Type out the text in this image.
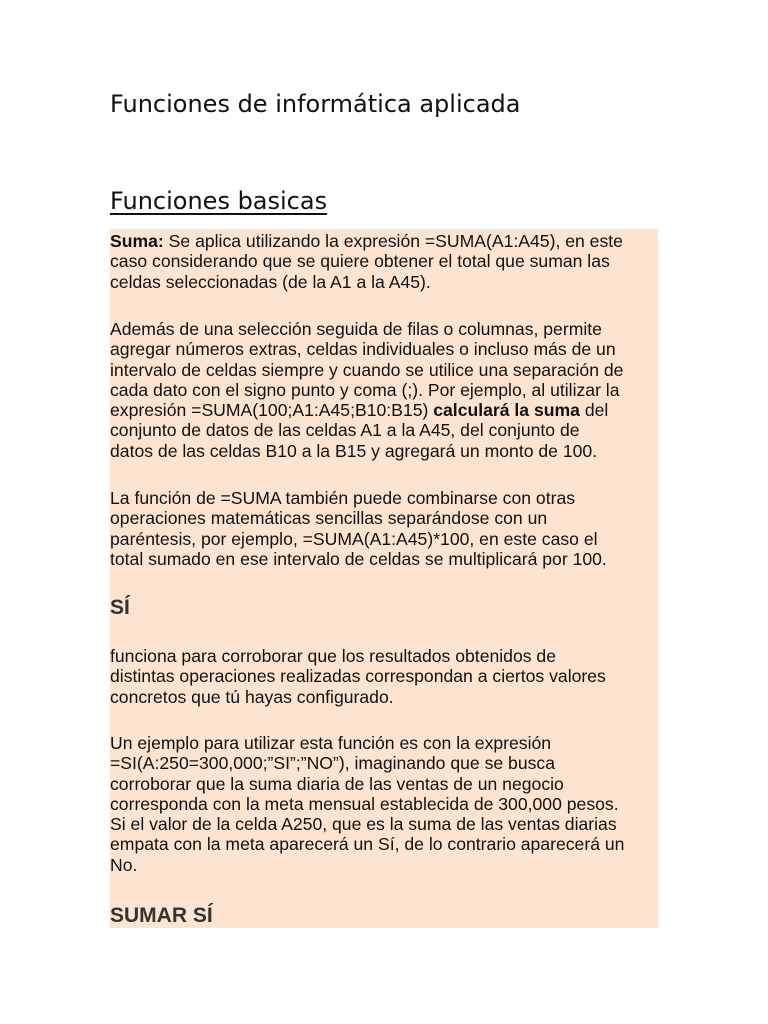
Funciones de informática aplicada
Funciones basicas

Suma: Se aplica utilizando la expresión =SUMA(A1:A45), en este
caso considerando que se quiere obtener el total que suman las
celdas seleccionadas (de la A1 a la A45).

Además de una selección seguida de filas o columnas, permite
agregar números extras, celdas individuales o incluso más de un
intervalo de celdas siempre y cuando se utilice una separación de
cada dato con el signo punto y coma (;). Por ejemplo, al utilizar la
expresión =SUMA(100;A1:A45;B10:B15) calculará la suma del
conjunto de datos de las celdas A1 a la A45, del conjunto de
datos de las celdas B10 a la B15 y agregará un monto de 100.

La función de =SUMA también puede combinarse con otras
operaciones matemáticas sencillas separándose con un
paréntesis, por ejemplo, =SUMA(A1:A45)*100, en este caso el
total sumado en ese intervalo de celdas se multiplicará por 100.

SÍ

funciona para corroborar que los resultados obtenidos de
distintas operaciones realizadas correspondan a ciertos valores
concretos que tú hayas configurado.

Un ejemplo para utilizar esta función es con la expresión
=SI(A:250=300,000;”SI”;”NO”), imaginando que se busca
corroborar que la suma diaria de las ventas de un negocio
corresponda con la meta mensual establecida de 300,000 pesos.
Si el valor de la celda A250, que es la suma de las ventas diarias
empata con la meta aparecerá un Sí, de lo contrario aparecerá un
No.

SUMAR SÍ
